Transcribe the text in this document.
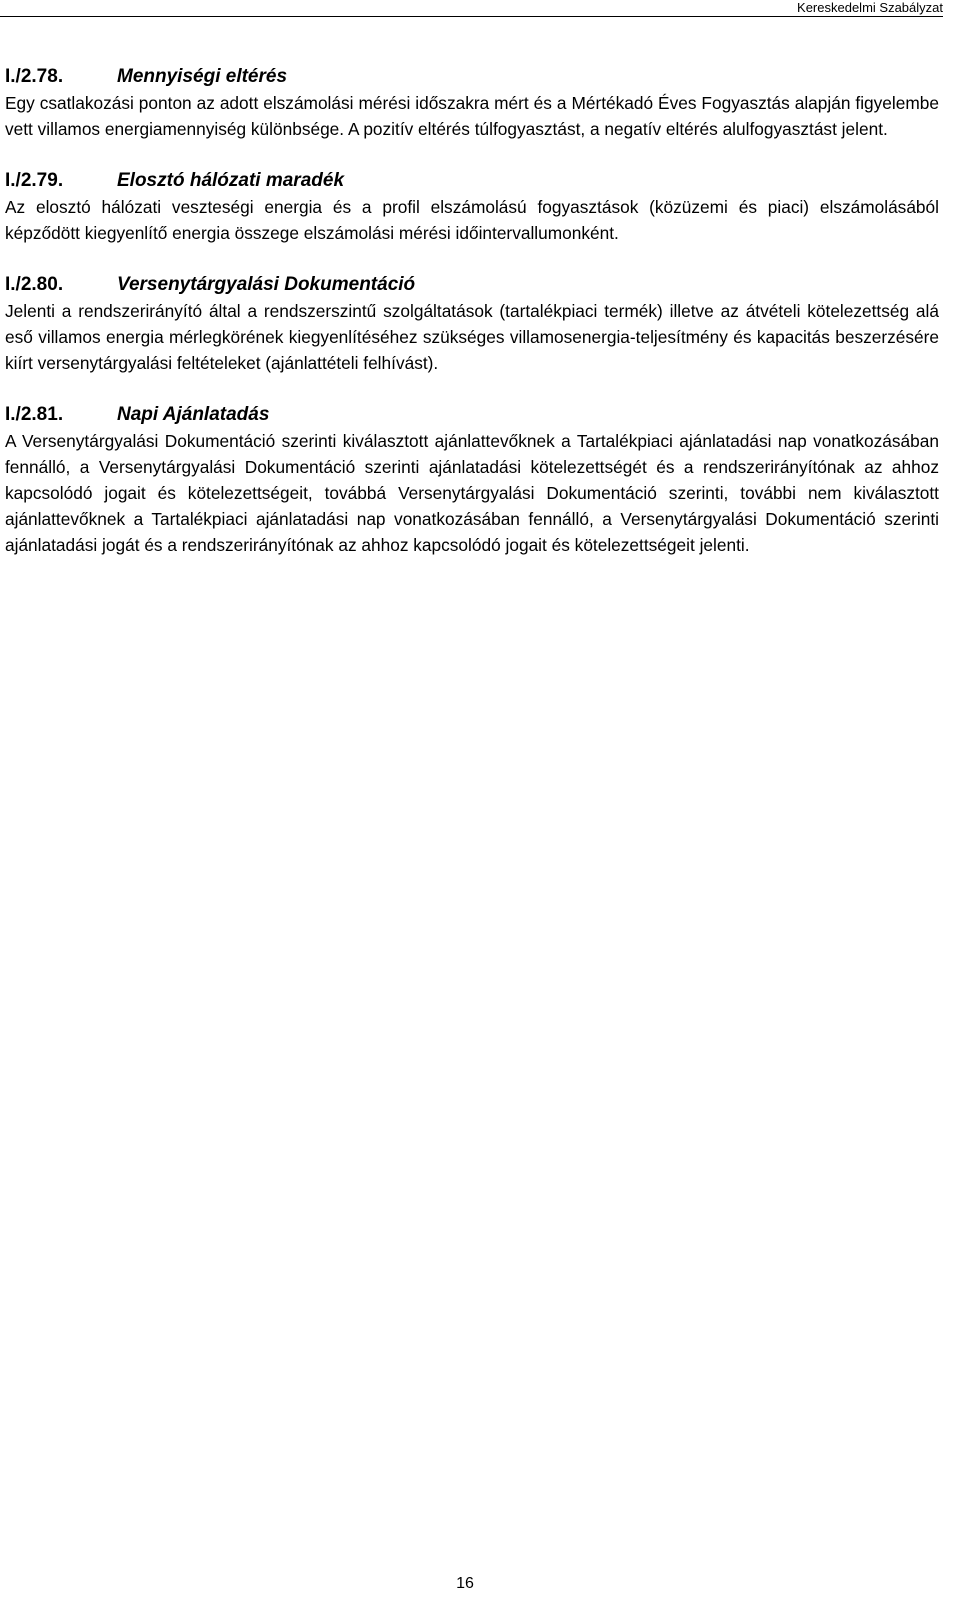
Kereskedelmi Szabályzat
I./2.78.	Mennyiségi eltérés

Egy csatlakozási ponton az adott elszámolási mérési időszakra mért és a Mértékadó Éves Fogyasztás alapján figyelembe vett villamos energiamennyiség különbsége. A pozitív eltérés túlfogyasztást, a negatív eltérés alulfogyasztást jelent.

I./2.79.	Elosztó hálózati maradék

Az elosztó hálózati veszteségi energia és a profil elszámolású fogyasztások (közüzemi és piaci) elszámolásából képződött kiegyenlítő energia összege elszámolási mérési időintervallumonként.

I./2.80.	Versenytárgyalási Dokumentáció

Jelenti a rendszerirányító által a rendszerszintű szolgáltatások (tartalékpiaci termék) illetve az átvételi kötelezettség alá eső villamos energia mérlegkörének kiegyenlítéséhez szükséges villamosenergia-teljesítmény és kapacitás beszerzésére kiírt versenytárgyalási feltételeket (ajánlattételi felhívást).

I./2.81.	Napi Ajánlatadás

A Versenytárgyalási Dokumentáció szerinti kiválasztott ajánlattevőknek a Tartalékpiaci ajánlatadási nap vonatkozásában fennálló, a Versenytárgyalási Dokumentáció szerinti ajánlatadási kötelezettségét és a rendszerirányítónak az ahhoz kapcsolódó jogait és kötelezettségeit, továbbá Versenytárgyalási Dokumentáció szerinti, további nem kiválasztott ajánlattevőknek a Tartalékpiaci ajánlatadási nap vonatkozásában fennálló, a Versenytárgyalási Dokumentáció szerinti ajánlatadási jogát és a rendszerirányítónak az ahhoz kapcsolódó jogait és kötelezettségeit jelenti.

16
